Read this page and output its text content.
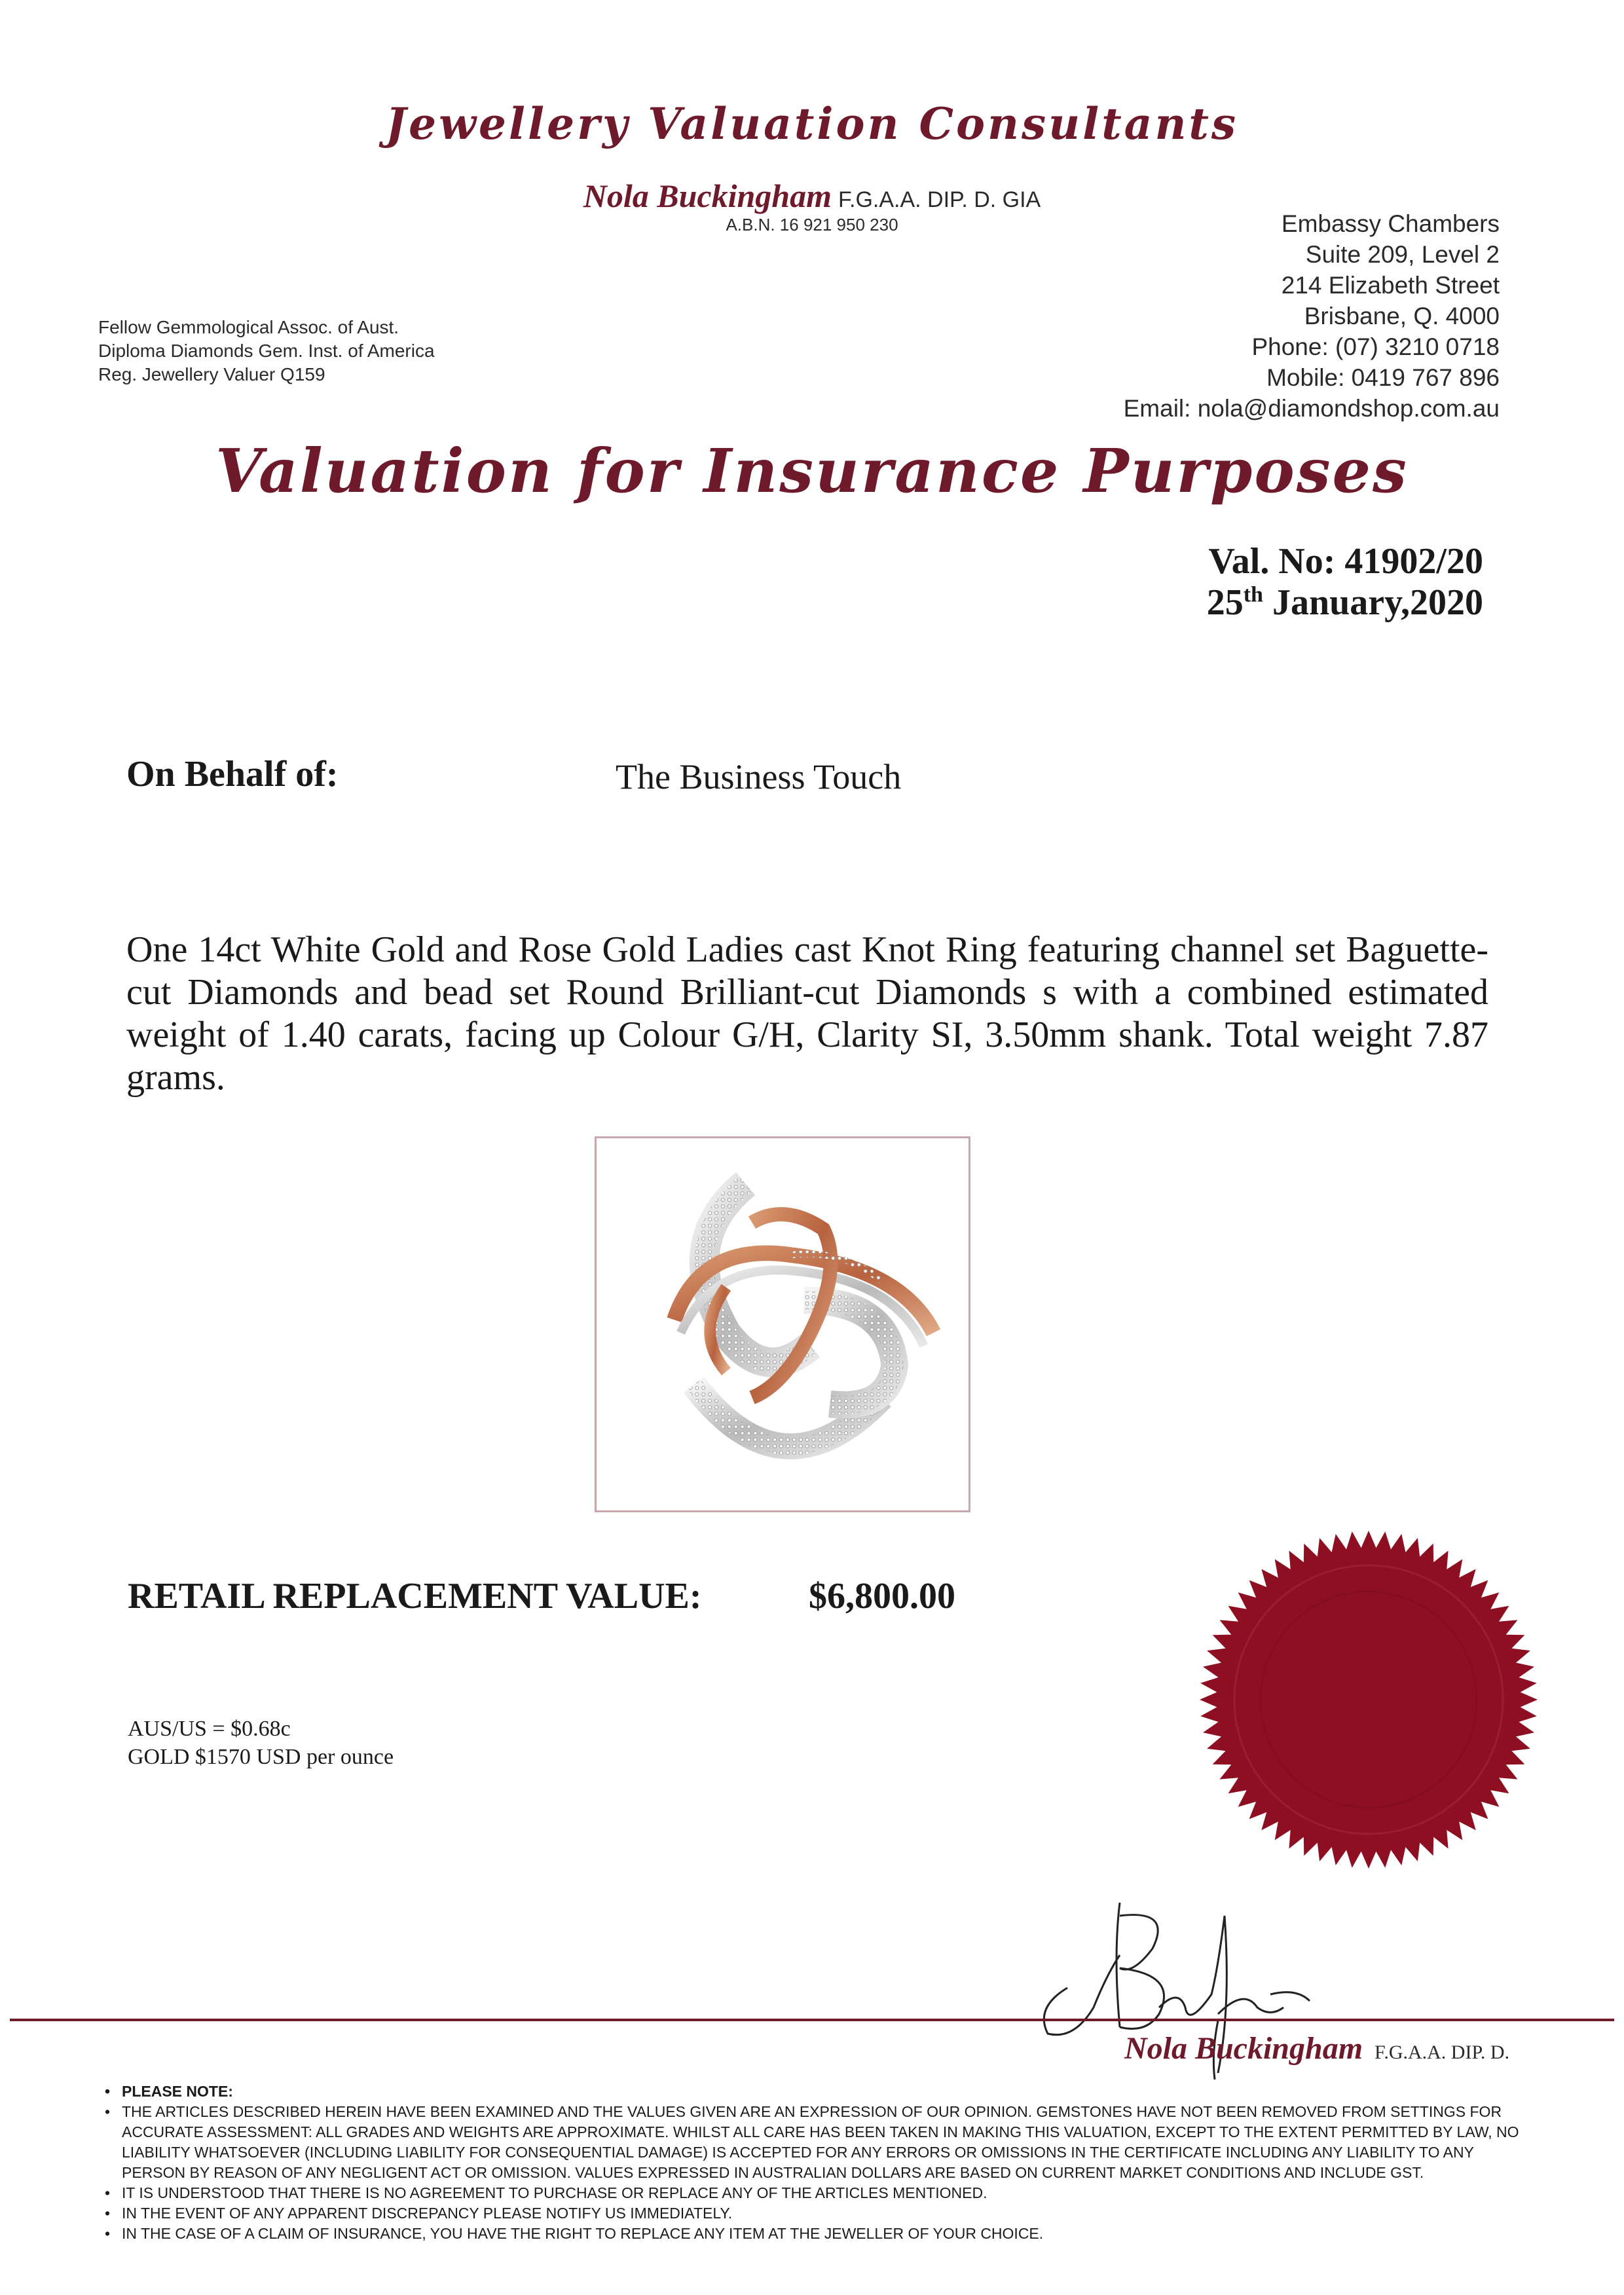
Jewellery Valuation Consultants
Nola Buckingham F.G.A.A. DIP. D. GIA
A.B.N. 16 921 950 230
Fellow Gemmological Assoc. of Aust.
Diploma Diamonds Gem. Inst. of America
Reg. Jewellery Valuer Q159
Embassy Chambers
Suite 209, Level 2
214 Elizabeth Street
Brisbane, Q. 4000
Phone: (07) 3210 0718
Mobile: 0419 767 896
Email: nola@diamondshop.com.au
Valuation for Insurance Purposes
Val. No: 41902/20
25th January,2020
On Behalf of:	The Business Touch
One 14ct White Gold and Rose Gold Ladies cast Knot Ring featuring channel set Baguette-cut Diamonds and bead set Round Brilliant-cut Diamonds s with a combined estimated weight of 1.40 carats, facing up Colour G/H, Clarity SI, 3.50mm shank. Total weight 7.87 grams.
RETAIL REPLACEMENT VALUE:	$6,800.00
AUS/US = $0.68c
GOLD $1570 USD per ounce
Nola Buckingham F.G.A.A. DIP. D.
• PLEASE NOTE:
• THE ARTICLES DESCRIBED HEREIN HAVE BEEN EXAMINED AND THE VALUES GIVEN ARE AN EXPRESSION OF OUR OPINION. GEMSTONES HAVE NOT BEEN REMOVED FROM SETTINGS FOR ACCURATE ASSESSMENT: ALL GRADES AND WEIGHTS ARE APPROXIMATE. WHILST ALL CARE HAS BEEN TAKEN IN MAKING THIS VALUATION, EXCEPT TO THE EXTENT PERMITTED BY LAW, NO LIABILITY WHATSOEVER (INCLUDING LIABILITY FOR CONSEQUENTIAL DAMAGE) IS ACCEPTED FOR ANY ERRORS OR OMISSIONS IN THE CERTIFICATE INCLUDING ANY LIABILITY TO ANY PERSON BY REASON OF ANY NEGLIGENT ACT OR OMISSION. VALUES EXPRESSED IN AUSTRALIAN DOLLARS ARE BASED ON CURRENT MARKET CONDITIONS AND INCLUDE GST.
• IT IS UNDERSTOOD THAT THERE IS NO AGREEMENT TO PURCHASE OR REPLACE ANY OF THE ARTICLES MENTIONED.
• IN THE EVENT OF ANY APPARENT DISCREPANCY PLEASE NOTIFY US IMMEDIATELY.
• IN THE CASE OF A CLAIM OF INSURANCE, YOU HAVE THE RIGHT TO REPLACE ANY ITEM AT THE JEWELLER OF YOUR CHOICE.
